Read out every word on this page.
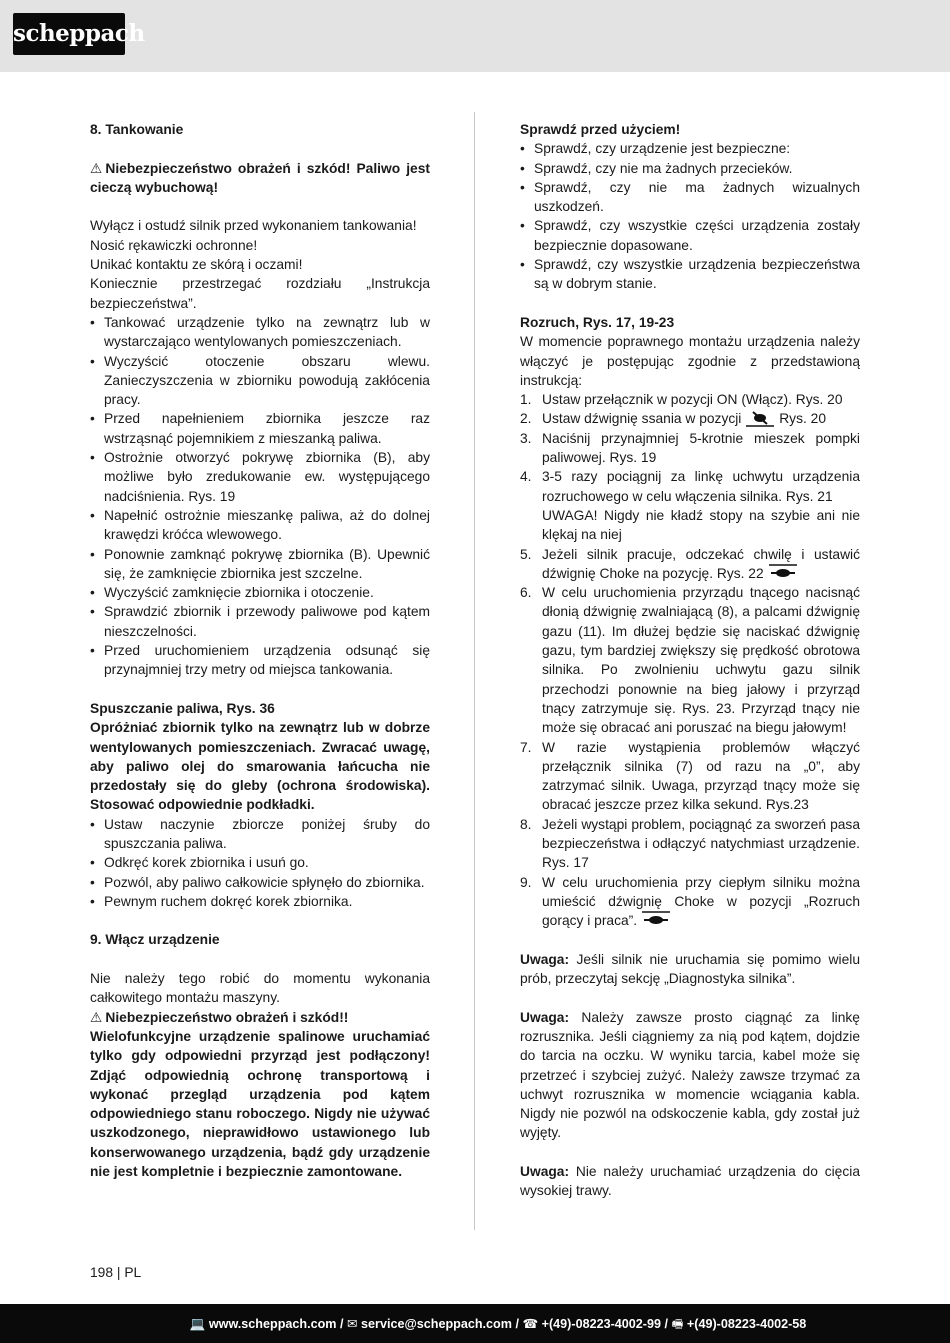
scheppach

8. Tankowanie

⚠ Niebezpieczeństwo obrażeń i szkód! Paliwo jest cieczą wybuchową!

Wyłącz i ostudź silnik przed wykonaniem tankowania!

Nosić rękawiczki ochronne!

Unikać kontaktu ze skórą i oczami!

Koniecznie przestrzegać rozdziału „Instrukcja bezpieczeństwa”.

• Tankować urządzenie tylko na zewnątrz lub w wystarczająco wentylowanych pomieszczeniach.
• Wyczyścić otoczenie obszaru wlewu. Zanieczyszczenia w zbiorniku powodują zakłócenia pracy.
• Przed napełnieniem zbiornika jeszcze raz wstrząsnąć pojemnikiem z mieszanką paliwa.
• Ostrożnie otworzyć pokrywę zbiornika (B), aby możliwe było zredukowanie ew. występującego nadciśnienia. Rys. 19
• Napełnić ostrożnie mieszankę paliwa, aż do dolnej krawędzi króćca wlewowego.
• Ponownie zamknąć pokrywę zbiornika (B). Upewnić się, że zamknięcie zbiornika jest szczelne.
• Wyczyścić zamknięcie zbiornika i otoczenie.
• Sprawdzić zbiornik i przewody paliwowe pod kątem nieszczelności.
• Przed uruchomieniem urządzenia odsunąć się przynajmniej trzy metry od miejsca tankowania.

Spuszczanie paliwa, Rys. 36

Opróżniać zbiornik tylko na zewnątrz lub w dobrze wentylowanych pomieszczeniach. Zwracać uwagę, aby paliwo olej do smarowania łańcucha nie przedostały się do gleby (ochrona środowiska). Stosować odpowiednie podkładki.

• Ustaw naczynie zbiorcze poniżej śruby do spuszczania paliwa.
• Odkręć korek zbiornika i usuń go.
• Pozwól, aby paliwo całkowicie spłynęło do zbiornika.
• Pewnym ruchem dokręć korek zbiornika.

9. Włącz urządzenie

Nie należy tego robić do momentu wykonania całkowitego montażu maszyny.

⚠ Niebezpieczeństwo obrażeń i szkód!!

Wielofunkcyjne urządzenie spalinowe uruchamiać tylko gdy odpowiedni przyrząd jest podłączony! Zdjąć odpowiednią ochronę transportową i wykonać przegląd urządzenia pod kątem odpowiedniego stanu roboczego. Nigdy nie używać uszkodzonego, nieprawidłowo ustawionego lub konserwowanego urządzenia, bądź gdy urządzenie nie jest kompletnie i bezpiecznie zamontowane.

Sprawdź przed użyciem!

• Sprawdź, czy urządzenie jest bezpieczne:
• Sprawdź, czy nie ma żadnych przecieków.
• Sprawdź, czy nie ma żadnych wizualnych uszkodzeń.
• Sprawdź, czy wszystkie części urządzenia zostały bezpiecznie dopasowane.
• Sprawdź, czy wszystkie urządzenia bezpieczeństwa są w dobrym stanie.

Rozruch, Rys. 17, 19-23

W momencie poprawnego montażu urządzenia należy włączyć je postępując zgodnie z przedstawioną instrukcją:

1. Ustaw przełącznik w pozycji ON (Włącz). Rys. 20
2. Ustaw dźwignię ssania w pozycji	Rys. 20
3. Naciśnij przynajmniej 5-krotnie mieszek pompki paliwowej. Rys. 19
4. 3-5 razy pociągnij za linkę uchwytu urządzenia rozruchowego w celu włączenia silnika. Rys. 21
UWAGA! Nigdy nie kładź stopy na szybie ani nie klękaj na niej
5. Jeżeli silnik pracuje, odczekać chwilę i ustawić dźwignię Choke na pozycję. Rys. 22
6. W celu uruchomienia przyrządu tnącego nacisnąć dłonią dźwignię zwalniającą (8), a palcami dźwignię gazu (11). Im dłużej będzie się naciskać dźwignię gazu, tym bardziej zwiększy się prędkość obrotowa silnika. Po zwolnieniu uchwytu gazu silnik przechodzi ponownie na bieg jałowy i przyrząd tnący zatrzymuje się. Rys. 23. Przyrząd tnący nie może się obracać ani poruszać na biegu jałowym!
7. W razie wystąpienia problemów włączyć przełącznik silnika (7) od razu na „0”, aby zatrzymać silnik. Uwaga, przyrząd tnący może się obracać jeszcze przez kilka sekund. Rys.23
8. Jeżeli wystąpi problem, pociągnąć za sworzeń pasa bezpieczeństwa i odłączyć natychmiast urządzenie. Rys. 17
9. W celu uruchomienia przy ciepłym silniku można umieścić dźwignię Choke w pozycji „Rozruch gorący i praca”.

Uwaga: Jeśli silnik nie uruchamia się pomimo wielu prób, przeczytaj sekcję „Diagnostyka silnika”.

Uwaga: Należy zawsze prosto ciągnąć za linkę rozrusznika. Jeśli ciągniemy za nią pod kątem, dojdzie do tarcia na oczku. W wyniku tarcia, kabel może się przetrzeć i szybciej zużyć. Należy zawsze trzymać za uchwyt rozrusznika w momencie wciągania kabla. Nigdy nie pozwól na odskoczenie kabla, gdy został już wyjęty.

Uwaga: Nie należy uruchamiać urządzenia do cięcia wysokiej trawy.

198 | PL
💻 www.scheppach.com / ✉ service@scheppach.com / ☎ +(49)-08223-4002-99 / 🖷 +(49)-08223-4002-58
